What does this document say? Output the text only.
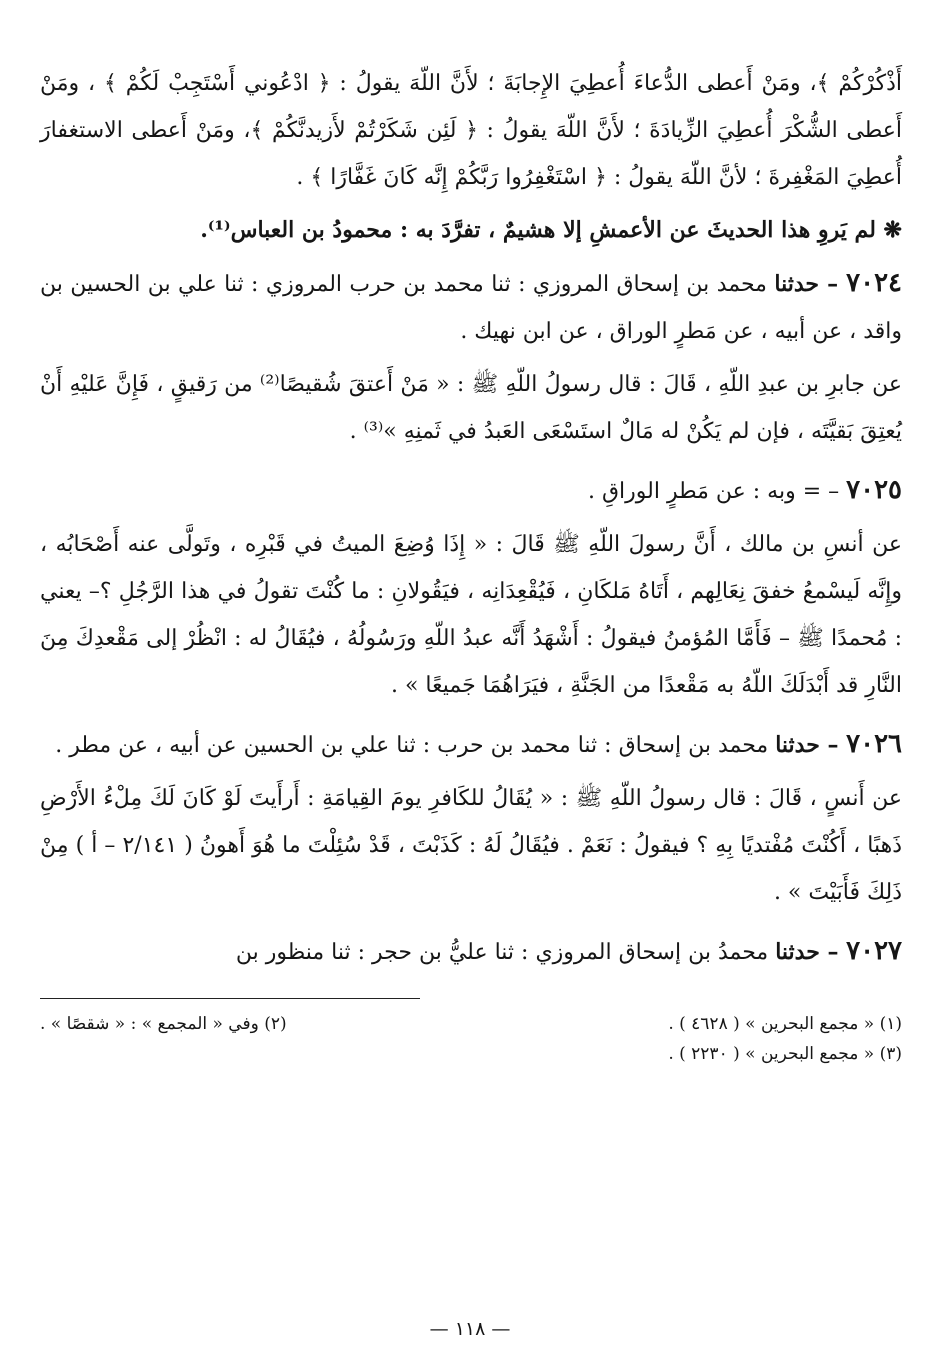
أَذْكُرْكُمْ ﴾، ومَنْ أَعطى الدُّعاءَ أُعطِيَ الإِجابَةَ ؛ لأَنَّ اللّهَ يقولُ : ﴿ ادْعُوني أَسْتَجِبْ لَكُمْ ﴾ ، ومَنْ أَعطى الشُّكْرَ أُعطِيَ الزِّيادَةَ ؛ لأَنَّ اللّهَ يقولُ : ﴿ لَئِن شَكَرْتُمْ لأَزيدنَّكُمْ ﴾، ومَنْ أَعطى الاستغفارَ أُعطِيَ المَغْفِرةَ ؛ لأنَّ اللّهَ يقولُ : ﴿ اسْتَغْفِرُوا رَبَّكُمْ إِنَّه كَانَ غَفَّارًا ﴾ .

❋ لم يَروِ هذا الحديثَ عن الأعمشِ إلا هشيمٌ ، تفرَّدَ به : محمودُ بن العباس⁽¹⁾.

٧٠٢٤ – حدثنا محمد بن إسحاق المروزي : ثنا محمد بن حرب المروزي : ثنا علي بن الحسين بن واقد ، عن أبيه ، عن مَطرٍ الوراق ، عن ابن نهيك .

عن جابرِ بن عبدِ اللّهِ ، قَالَ : قال رسولُ اللّهِ ﷺ : « مَنْ أَعتقَ شُقيصًا⁽²⁾ من رَقيقٍ ، فَإِنَّ عَليْهِ أَنْ يُعتِقَ بَقيَّتَه ، فإن لم يَكُنْ له مَالٌ استَسْعَى العَبدُ في ثَمنِهِ »⁽³⁾ .

٧٠٢٥ – = وبه : عن مَطرٍ الوراقِ .

عن أنسِ بن مالك ، أَنَّ رسولَ اللّهِ ﷺ قَالَ : « إِذَا وُضِعَ الميتُ في قَبْرِه ، وتَولَّى عنه أَصْحَابُه ، وإِنَّه لَيسْمعُ خفقَ نِعَالِهم ، أَتَاهُ مَلكَانِ ، فَيُقْعِدَانِه ، فيَقُولانِ : ما كُنْتَ تقولُ في هذا الرَّجُلِ ؟– يعني : مُحمدًا ﷺ – فَأَمَّا المُؤمنُ فيقولُ : أَشْهَدُ أَنَّه عبدُ اللّهِ ورَسُولُهُ ، فيُقَالُ له : انْظُرْ إلى مَقْعدِكَ مِنَ النَّارِ قد أَبْدَلَكَ اللّهُ به مَقْعدًا من الجَنَّةِ ، فيَرَاهُمَا جَميعًا » .

٧٠٢٦ – حدثنا محمد بن إسحاق : ثنا محمد بن حرب : ثنا علي بن الحسين عن أبيه ، عن مطر .

عن أَنسٍ ، قَالَ : قال رسولُ اللّهِ ﷺ : « يُقَالُ للكَافرِ يومَ القِيامَةِ : أَرأَيتَ لَوْ كَانَ لَكَ مِلْءُ الأَرْضِ ذَهبًا ، أَكُنْتَ مُفْتديًا بِهِ ؟ فيقولُ : نَعَمْ . فيُقَالُ لَهُ : كَذَبْتَ ، قَدْ سُئِلْتَ ما هُوَ أَهونُ ( ٢/١٤١ – أ ) مِنْ ذَلِكَ فَأَبَيْتَ » .

٧٠٢٧ – حدثنا محمدُ بن إسحاق المروزي : ثنا عليُّ بن حجر : ثنا منظور بن

(١) « مجمع البحرين » ( ٤٦٢٨ ) .
(٢) وفي « المجمع » : « شقصًا » .
(٣) « مجمع البحرين » ( ٢٢٣٠ ) .
— ١١٨ —
